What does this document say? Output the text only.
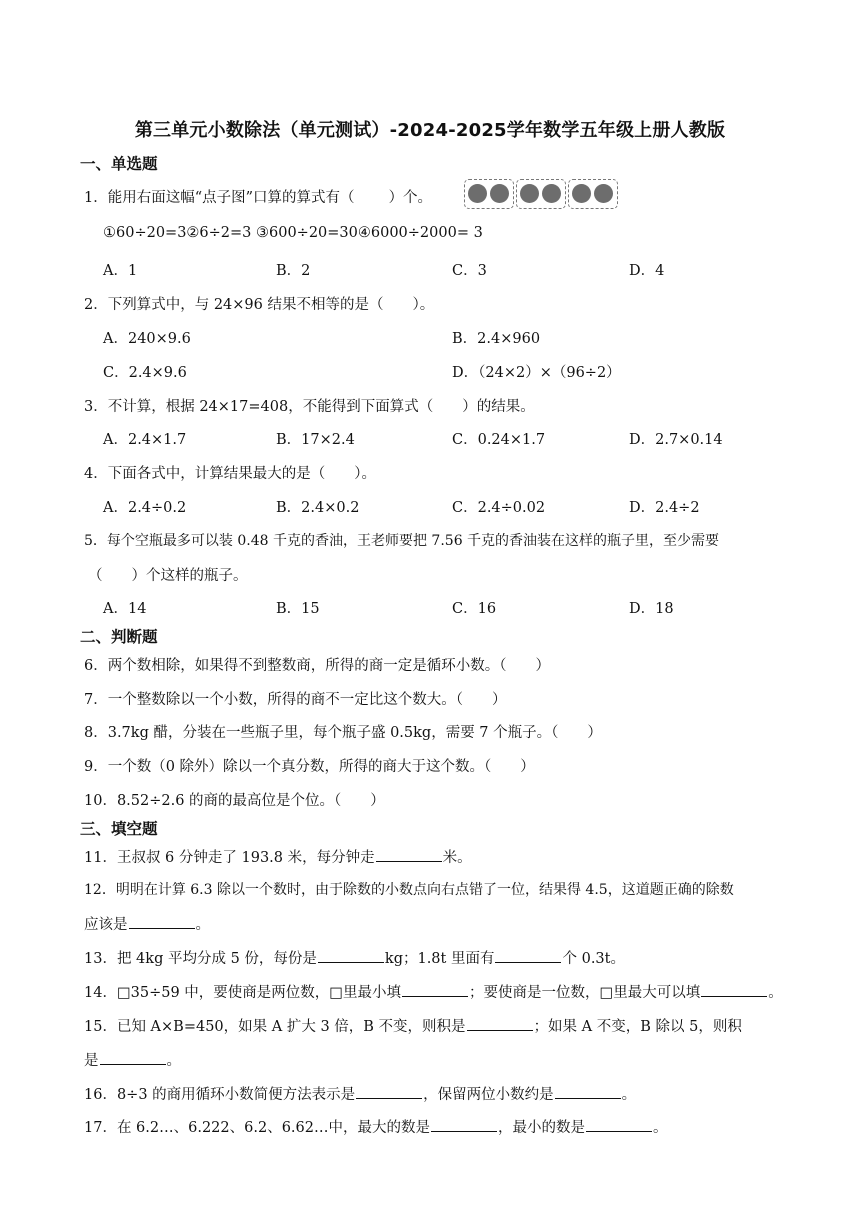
第三单元小数除法（单元测试）-2024-2025学年数学五年级上册人教版
一、单选题
1．能用右面这幅“点子图”口算的算式有（ ）个。
①60÷20=3②6÷2=3 ③600÷20=30④6000÷2000= 3
A．1	B．2	C．3	D．4
2．下列算式中，与 24×96 结果不相等的是（　　）。
A．240×9.6	B．2.4×960
C．2.4×9.6	D．（24×2）×（96÷2）
3．不计算，根据 24×17=408，不能得到下面算式（　　）的结果。
A．2.4×1.7	B．17×2.4	C．0.24×1.7	D．2.7×0.14
4．下面各式中，计算结果最大的是（　　）。
A．2.4÷0.2	B．2.4×0.2	C．2.4÷0.02	D．2.4÷2
5．每个空瓶最多可以装 0.48 千克的香油，王老师要把 7.56 千克的香油装在这样的瓶子里，至少需要
（　　）个这样的瓶子。
A．14	B．15	C．16	D．18
二、判断题
6．两个数相除，如果得不到整数商，所得的商一定是循环小数。（　　）
7．一个整数除以一个小数，所得的商不一定比这个数大。（　　）
8．3.7kg 醋，分装在一些瓶子里，每个瓶子盛 0.5kg，需要 7 个瓶子。（　　）
9．一个数（0 除外）除以一个真分数，所得的商大于这个数。（　　）
10．8.52÷2.6 的商的最高位是个位。（　　）
三、填空题
11．王叔叔 6 分钟走了 193.8 米，每分钟走	米。
12．明明在计算 6.3 除以一个数时，由于除数的小数点向右点错了一位，结果得 4.5，这道题正确的除数
应该是	。
13．把 4kg 平均分成 5 份，每份是	kg；1.8t 里面有	个 0.3t。
14．□35÷59 中，要使商是两位数，□里最小填	；要使商是一位数，□里最大可以填	。
15．已知 A×B=450，如果 A 扩大 3 倍，B 不变，则积是	；如果 A 不变，B 除以 5，则积
是	。
16．8÷3 的商用循环小数简便方法表示是	，保留两位小数约是	。
17．在 6.2…、6.222、6.2、6.62…中，最大的数是	，最小的数是	。
